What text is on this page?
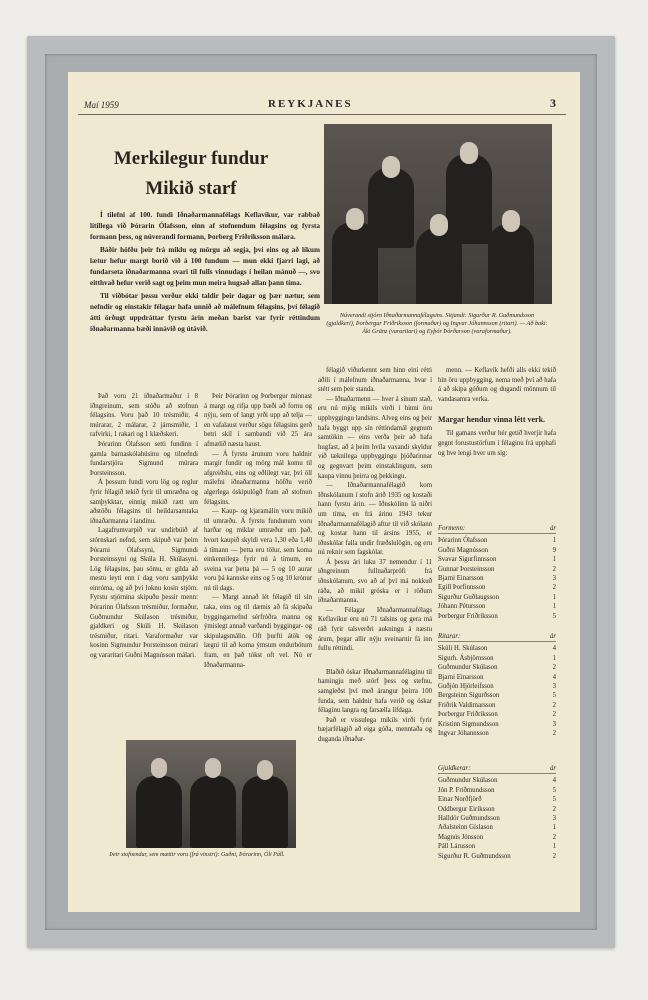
Maí 1959	REYKJANES	3
Merkilegur fundur
Mikið starf

Í tilefni af 100. fundi Iðnaðarmannafélags Keflavíkur, var rabbað lítillega við Þórarin Ólafsson, einn af stofnendum félagsins og fyrsta formann þess, og núverandi formann, Þorberg Friðriksson málara.

Báðir höfðu þeir frá miklu og mörgu að segja, því eins og að líkum lætur hefur margt borið við á 100 fundum — mun ekki fjarri lagi, að fundarseta iðnaðarmanna svari til fulls vinnudags í heilan mánuð —, svo eitthvað hefur verið sagt og þeim mun meira hugsað allan þann tíma.

Til viðbótar þessu verður ekki taldir þeir dagar og þær nætur, sem nefndir og einstakir félagar hafa unnið að málefnum félagsins, því félagið átti örðugt uppdráttar fyrstu árin meðan barist var fyrir réttindum iðnaðarmanna bæði innávið og útávið.

Núverandi stjórn Iðnaðarmannafélagsins. Sitjandi: Sigurður R. Guðmundsson (gjaldkeri), Þorbergur Friðriksson (formaður) og Ingvar Jóhannsson (ritari). — Að baki: Áki Gränz (vararitari) og Eyþór Þórðarson (varaformaður).

Það voru 21 iðnaðarmaður í 8 iðngreinum, sem stóðu að stofnun félagsins. Voru það 10 trésmiðir, 4 múrarar, 2 málarar, 2 járnsmiðir, 1 rafvirki, 1 rakari og 1 klæðskeri.

Þórarinn Ólafsson setti fundinn í gamla barnaskólahúsinu og tilnefndi fundarstjóra Sigmund múrara Þorsteinsson.

Á þessum fundi voru lög og reglur fyrir félagið tekið fyrir til umræðna og samþykktar, einnig mikið rætt um aðstöðu félagsins til heildarsamtaka iðnaðarmanna í landinu.

Lagafrumvarpið var undirbúið af stórnskari nefnd, sem skipuð var þeim Þórarni Ólafssyni, Sigmundi Þorsteinssyni og Skúla H. Skúlasyni. Lög félagsins, þau sömu, er gilda að mestu leyti enn í dag voru samþykkt einróma, og að því loknu kosin stjórn. Fyrstu stjórnina skipuðu þessir menn: Þórarinn Ólafsson trésmiður, formaður, Guðmundur Skúlason trésmiður, gjaldkeri og Skúli H. Skúlason trésmiður, ritari. Varaformaður var kosinn Sigmundur Þorsteinsson múrari og vararitari Guðni Magnússon málari.

Þeir Þórarinn og Þorbergur minnast á margt og rifja upp bæði að fornu og nýju, sem of langt yrði upp að telja — en vafalaust verður sögu félagsins gerð betri skil í sambandi við 25 ára afmælið næsta haust.

— Á fyrstu árunum voru haldnir margir fundir og mörg mál komu til afgreiðslu, eins og eðlilegt var, því öll málefni iðnaðarmanna höfðu verið algerlega óskipulögð fram að stofnun félagsins.

— Kaup- og kjaramálin voru mikið til umræðu. Á fyrstu fundunum voru harðar og miklar umræður um það, hvort kaupið skyldi vera 1,30 eða 1,40 á tímann — þetta eru tölur, sem koma einkennilega fyrir nú á tímum, en sveina var þetta þá — 5 og 10 aurar voru þá kannske eins og 5 og 10 krónur nú til dags.

— Margt annað lét félagið til sín taka, eins og til dæmis að fá skipaða byggingarnefnd sérfróðra manna og ýmislegt annað varðandi byggingar- og skipulagsmálin. Oft þurfti átök og lægni til að koma ýmsum endurbótum fram, en það tókst oft vel. Nú er Iðnaðarmanna-

félagið viðurkennt sem hinn eini rétti aðili í málefnum iðnaðarmanna, hvar í stétt sem þeir standa.

— Iðnaðarmenn — hver á sínum stað, eru nú mjög mikils virði í hinni öru uppbyggingu landsins. Alveg eins og þeir hafa byggt upp sín réttindamál gegnum samtökin — eins verða þeir að hafa hugfast, að á þeim hvíla vaxandi skyldur við tæknilega uppbyggingu þjóðarinnar og gegnvart þeim einstaklingum, sem kaupa vinnu þeirra og þekkingu.

— Iðnaðarmannafélagið kom Iðnskólanum í stofn árið 1935 og kostaði hann fyrstu árin. — Iðnskólinn lá niðri um tíma, en frá árinu 1943 tekur Iðnaðarmannafélagið aftur til við skólann og kostar hann til ársins 1955, er iðnskólar falla undir fræðslulögin, og eru nú reknir sem fagskólar.

Á þessu ári luku 37 nemendur í 11 iðngreinum fullnaðarprófi frá iðnskólanum, svo að af því má nokkuð ráða, að mikil gróska er í röðum iðnaðarmanna.

— Félagar Iðnaðarmannafélags Keflavíkur eru nú 71 talsins og gera má ráð fyrir talsverðri aukningu á næstu árum, þegar allir nýju sveinarnir fá inn fullu réttindi.

Blaðið óskar Iðnaðarmannafélaginu til hamingju með stórf þess og stefnu, samgleðst því með árangur þeirra 100 funda, sem haldnir hafa verið og óskar félaginu langra og farsælla lífdaga.

Það er vissulega mikils virði fyrir bæjarfélagið að eiga góða, menntaða og duganda iðnaðar-

menn. — Keflavík hefði alls ekki tekið hin öru uppbygging, nema með því að hafa á að skipa góðum og dugandi mönnum til vandasamra verka.

Margar hendur vinna létt verk.

Til gamans verður hér getið hverjir hafa gegnt forustustörfum í félaginu frá upphafi og hve lengi hver um sig:

Formenn:	ár
Þórarinn Ólafsson	1
Guðni Magnússon	9
Svavar Sigurfinnsson	1
Gunnar Þorsteinsson	2
Bjarni Einarsson	3
Egill Þorfinnsson	2
Sigurður Guðlaugsson	1
Jóhann Pétursson	1
Þorbergur Friðriksson	5
Ritarar:	ár
Skúli H. Skúlason	4
Sigurh. Ásbjörnsson	1
Guðmundur Skúlason	2
Bjarni Einarsson	4
Guðjón Hjörleifsson	3
Bergsteinn Sigurðsson	5
Friðrik Valdimarsson	2
Þorbergur Friðriksson	2
Kristinn Sigmundsson	3
Ingvar Jóhannsson	2
Gjaldkerar:	ár
Guðmundur Skúlason	4
Jón P. Friðmundsson	5
Einar Norðfjörð	5
Oddbergur Eiríksson	2
Halldór Guðmundsson	3
Aðalsteinn Gíslason	1
Magnús Jónsson	2
Páll Lárusson	1
Sigurður R. Guðmundsson	2
Þeir stofnendur, sem mættir voru (frá vinstri): Guðni, Þórarinn, Óli Páll.
